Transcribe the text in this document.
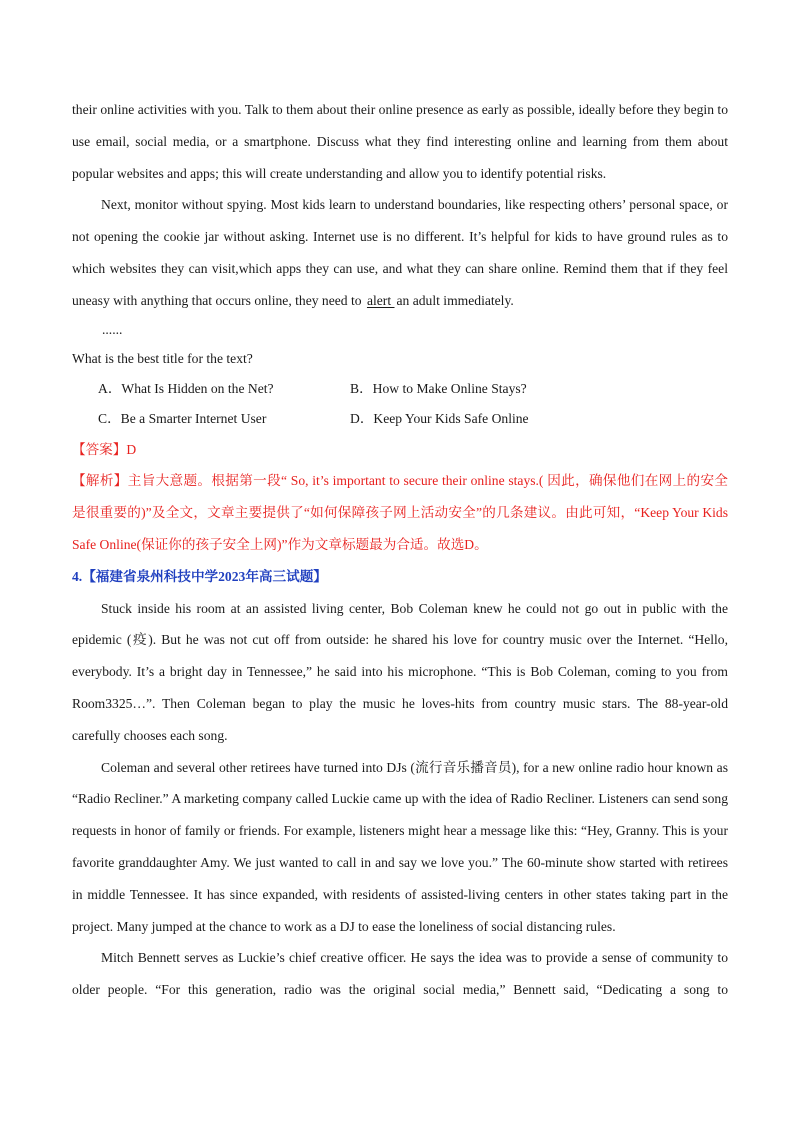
their online activities with you. Talk to them about their online presence as early as possible, ideally before they begin to use email, social media, or a smartphone. Discuss what they find interesting online and learning from them about popular websites and apps; this will create understanding and allow you to identify potential risks.

Next, monitor without spying. Most kids learn to understand boundaries, like respecting others’ personal space, or not opening the cookie jar without asking. Internet use is no different. It’s helpful for kids to have ground rules as to which websites they can visit,which apps they can use, and what they can share online. Remind them that if they feel uneasy with anything that occurs online, they need to alert an adult immediately.

......

What is the best title for the text?

A．What Is Hidden on the Net?	B．How to Make Online Stays?
C．Be a Smarter Internet User	D．Keep Your Kids Safe Online

【答案】D

【解析】主旨大意题。根据第一段“ So, it’s important to secure their online stays.( 因此，确保他们在网上的安全是很重要的)”及全文，文章主要提供了“如何保障孩子网上活动安全”的几条建议。由此可知，“Keep Your Kids Safe Online(保证你的孩子安全上网)”作为文章标题最为合适。故选D。

4.【福建省泉州科技中学2023年高三试题】

Stuck inside his room at an assisted living center, Bob Coleman knew he could not go out in public with the epidemic (疫). But he was not cut off from outside: he shared his love for country music over the Internet. “Hello, everybody. It’s a bright day in Tennessee,” he said into his microphone. “This is Bob Coleman, coming to you from Room3325…”. Then Coleman began to play the music he loves-hits from country music stars. The 88-year-old carefully chooses each song.

Coleman and several other retirees have turned into DJs (流行音乐播音员), for a new online radio hour known as “Radio Recliner.” A marketing company called Luckie came up with the idea of Radio Recliner. Listeners can send song requests in honor of family or friends. For example, listeners might hear a message like this: “Hey, Granny. This is your favorite granddaughter Amy. We just wanted to call in and say we love you.” The 60-minute show started with retirees in middle Tennessee. It has since expanded, with residents of assisted-living centers in other states taking part in the project. Many jumped at the chance to work as a DJ to ease the loneliness of social distancing rules.

Mitch Bennett serves as Luckie’s chief creative officer. He says the idea was to provide a sense of community to older people. “For this generation, radio was the original social media,” Bennett said, “Dedicating a song to
